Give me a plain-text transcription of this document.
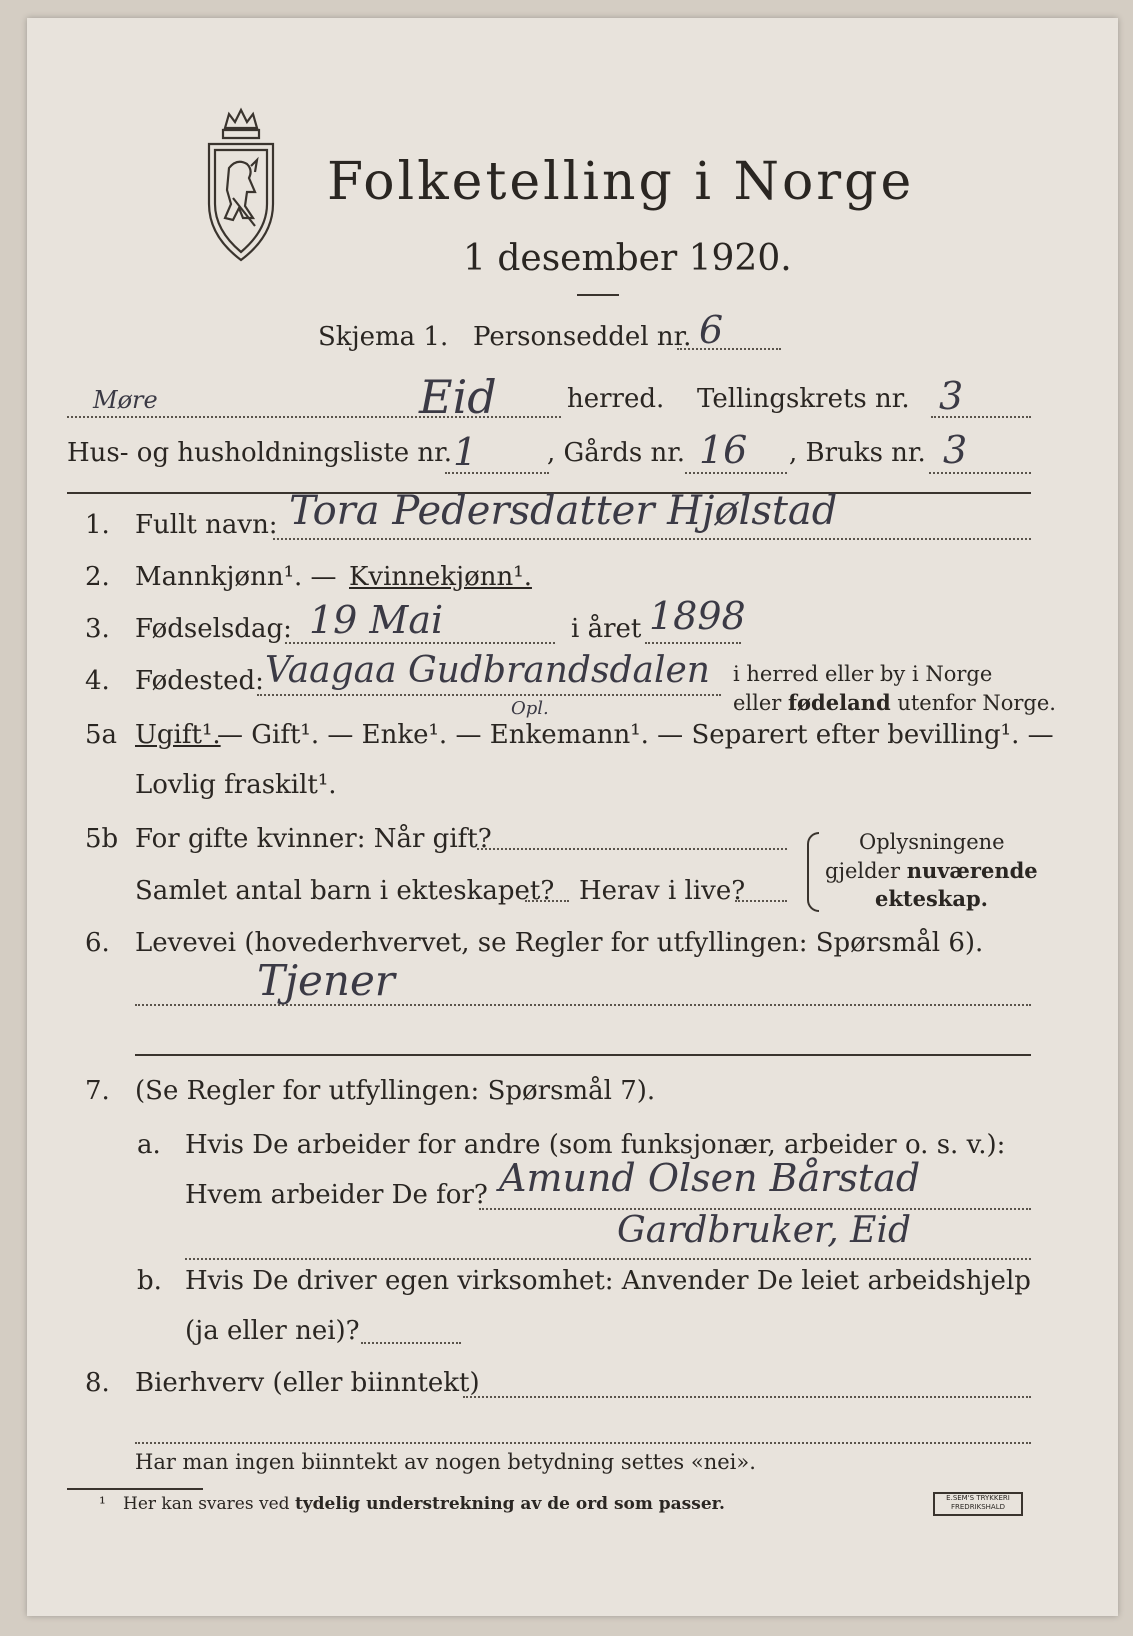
Folketelling i Norge
1 desember 1920.
Skjema 1. Personseddel nr. 6
Møre	Eid	herred. Tellingskrets nr. 3
Hus- og husholdningsliste nr. 1	, Gårds nr. 16 , Bruks nr. 3
1. Fullt navn: Tora Pedersdatter Hjølstad
2. Mannkjønn¹. — Kvinnekjønn¹.
3. Fødselsdag: 19 Mai	i året 1898
4. Fødested: Vaagaa Gudbrandsdalen
Opl.
i herred eller by i Norge
eller fødeland utenfor Norge.
5a Ugift¹.
— Gift¹. — Enke¹. — Enkemann¹. — Separert efter bevilling¹. —
Lovlig fraskilt¹.
5b For gifte kvinner: Når gift?
Samlet antal barn i ekteskapet? Herav i live?
Oplysningene
gjelder nuværende
ekteskap.
6. Levevei (hovederhvervet, se Regler for utfyllingen: Spørsmål 6).
Tjener
7. (Se Regler for utfyllingen: Spørsmål 7).
a. Hvis De arbeider for andre (som funksjonær, arbeider o. s. v.):
Hvem arbeider De for? Amund Olsen Bårstad
Gardbruker, Eid
b. Hvis De driver egen virksomhet: Anvender De leiet arbeidshjelp
(ja eller nei)?
8. Bierhverv (eller biinntekt)
Har man ingen biinntekt av nogen betydning settes «nei».
¹ Her kan svares ved tydelig understrekning av de ord som passer.	E.SEM'S TRYKKERI
FREDRIKSHALD
